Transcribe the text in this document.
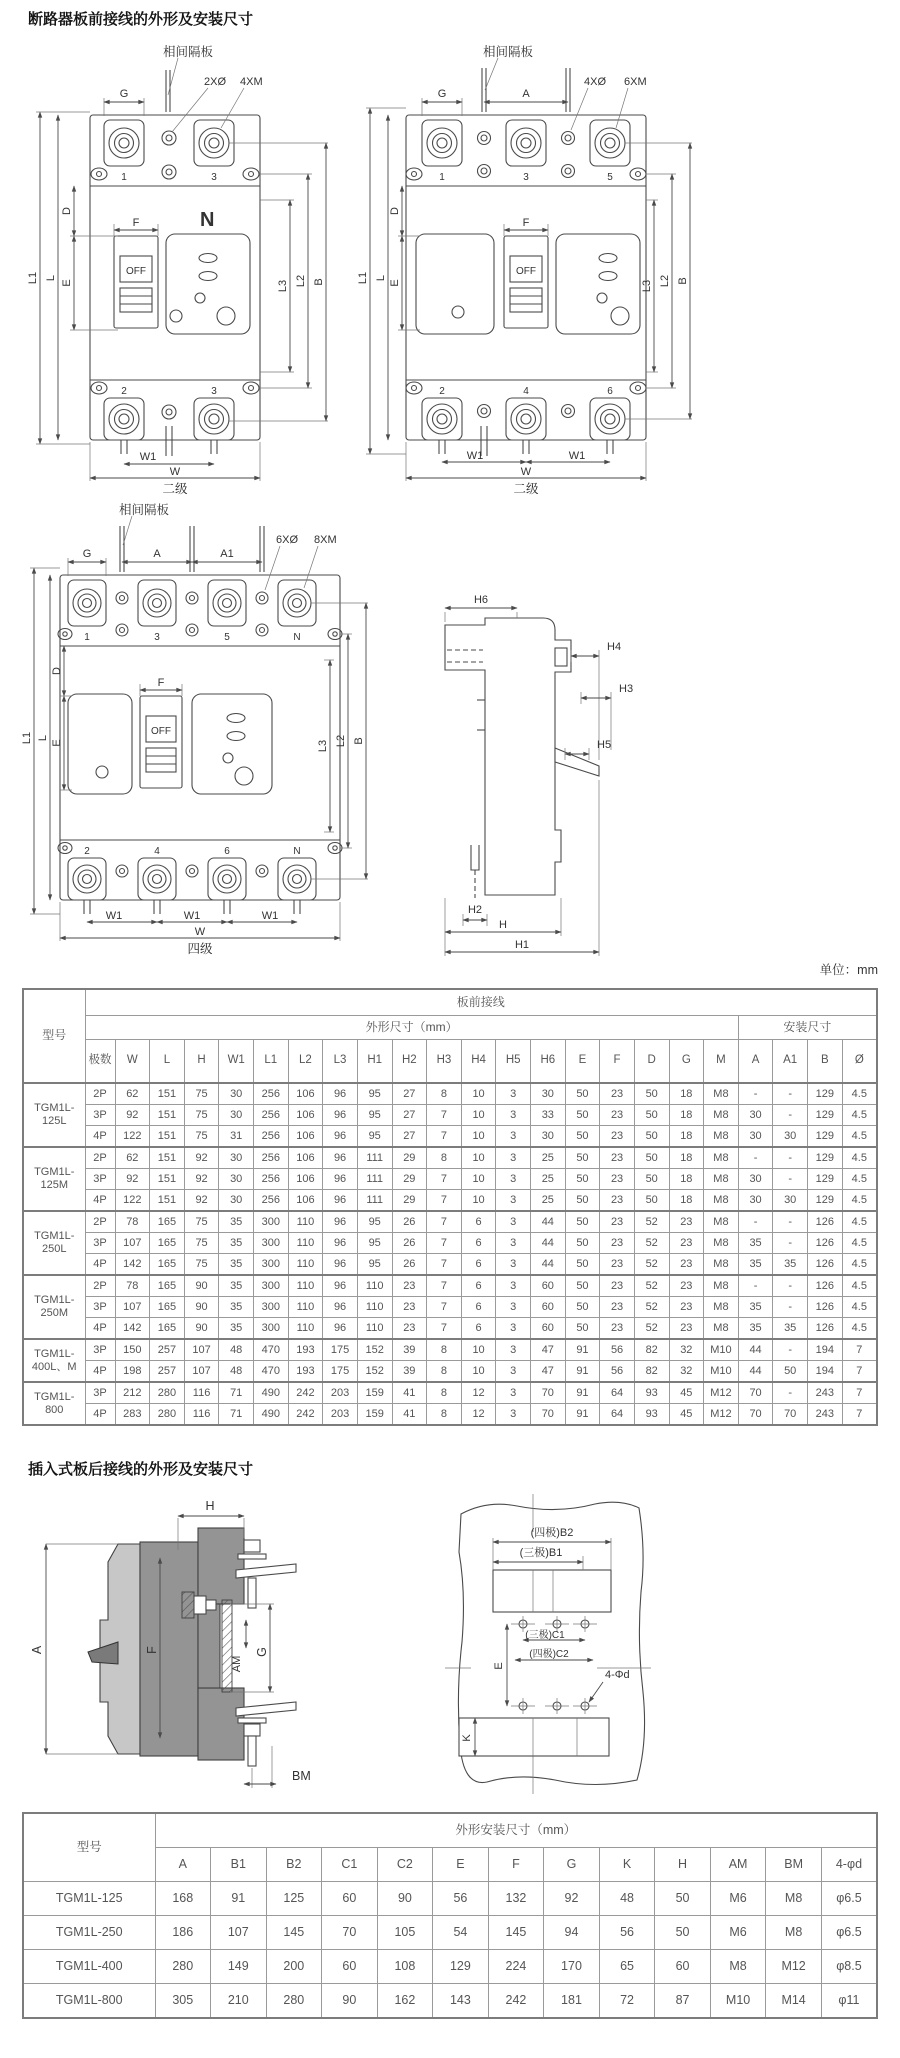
断路器板前接线的外形及安装尺寸
相间隔板
G
2XØ 4XM
1	3
N
OFF
2	3
L1 L
D
E
F
L3 L2 B
W1
W
二级
相间隔板
G	A
4XØ 6XM
1	3	5
OFF
2	4	6
L1 L
D
E
F
L3 L2 B
W1	W1
W
二级
相间隔板
G	A	A1
6XØ 8XM
1	3	5	N
OFF
2	4	6	N
L1 L
D
E
F
L3 L2 B
W1	W1	W1
W
四级
H6
H4
H3
H5
H2
H
H1
单位：mm
型号	板前接线																						
	外形尺寸（mm）																			安装尺寸			
	极数	W	L	H	W1	L1	L2	L3	H1	H2	H3	H4	H5	H6	E	F	D	G	M	A	A1	B	Ø
TGM1L-125L	2P	62	151	75	30	256	106	96	95	27	8	10	3	30	50	23	50	18	M8	-	-	129	4.5
	3P	92	151	75	30	256	106	96	95	27	7	10	3	33	50	23	50	18	M8	30	-	129	4.5
	4P	122	151	75	31	256	106	96	95	27	7	10	3	30	50	23	50	18	M8	30	30	129	4.5
TGM1L-125M	2P	62	151	92	30	256	106	96	111	29	8	10	3	25	50	23	50	18	M8	-	-	129	4.5
	3P	92	151	92	30	256	106	96	111	29	7	10	3	25	50	23	50	18	M8	30	-	129	4.5
	4P	122	151	92	30	256	106	96	111	29	7	10	3	25	50	23	50	18	M8	30	30	129	4.5
TGM1L-250L	2P	78	165	75	35	300	110	96	95	26	7	6	3	44	50	23	52	23	M8	-	-	126	4.5
	3P	107	165	75	35	300	110	96	95	26	7	6	3	44	50	23	52	23	M8	35	-	126	4.5
	4P	142	165	75	35	300	110	96	95	26	7	6	3	44	50	23	52	23	M8	35	35	126	4.5
TGM1L-250M	2P	78	165	90	35	300	110	96	110	23	7	6	3	60	50	23	52	23	M8	-	-	126	4.5
	3P	107	165	90	35	300	110	96	110	23	7	6	3	60	50	23	52	23	M8	35	-	126	4.5
	4P	142	165	90	35	300	110	96	110	23	7	6	3	60	50	23	52	23	M8	35	35	126	4.5
TGM1L-400L、M	3P	150	257	107	48	470	193	175	152	39	8	10	3	47	91	56	82	32	M10	44	-	194	7
	4P	198	257	107	48	470	193	175	152	39	8	10	3	47	91	56	82	32	M10	44	50	194	7
TGM1L-800	3P	212	280	116	71	490	242	203	159	41	8	12	3	70	91	64	93	45	M12	70	-	243	7
	4P	283	280	116	71	490	242	203	159	41	8	12	3	70	91	64	93	45	M12	70	70	243	7
插入式板后接线的外形及安装尺寸
H
A	F
AM
G
BM
(四极)B2
(三极)B1
(三极)C1
(四极)C2
E
K
4-Φd
型号	外形安装尺寸（mm）												
	A	B1	B2	C1	C2	E	F	G	K	H	AM	BM	4-φd
TGM1L-125	168	91	125	60	90	56	132	92	48	50	M6	M8	φ6.5
TGM1L-250	186	107	145	70	105	54	145	94	56	50	M6	M8	φ6.5
TGM1L-400	280	149	200	60	108	129	224	170	65	60	M8	M12	φ8.5
TGM1L-800	305	210	280	90	162	143	242	181	72	87	M10	M14	φ11
